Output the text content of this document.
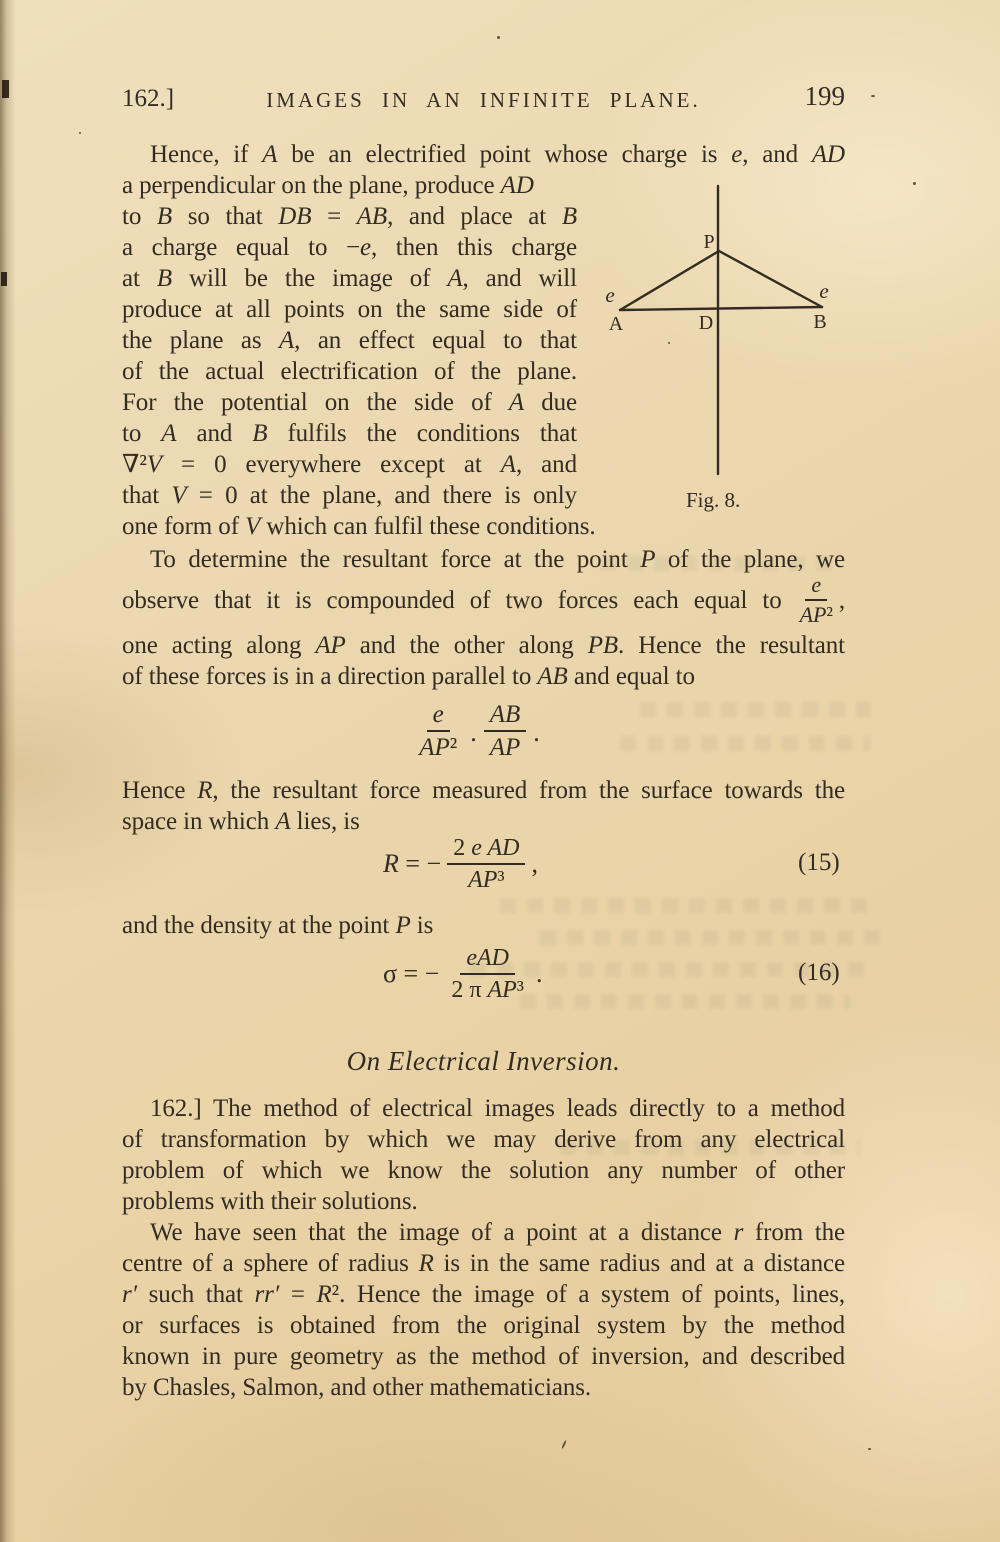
162.]	IMAGES IN AN INFINITE PLANE.	199
Hence, if A be an electrified point whose charge is e, and AD
a perpendicular on the plane, produce AD
to B so that DB = AB, and place at B
a charge equal to −e, then this charge
at B will be the image of A, and will
produce at all points on the same side of
the plane as A, an effect equal to that
of the actual electrification of the plane.
For the potential on the side of A due
to A and B fulfils the conditions that
∇²V = 0 everywhere except at A, and
that V = 0 at the plane, and there is only
one form of V which can fulfil these conditions.
P
A	D	B
e	e
Fig. 8.
To determine the resultant force at the point P of the plane, we
observe that it is compounded of two forces each equal to $\frac{e}{\text{AP²}}$ ,
one acting along AP and the other along PB. Hence the resultant
of these forces is in a direction parallel to AB and equal to
$\frac{e}{\text{AP²}}$ . $\frac{AB}{AP}$ .
Hence R, the resultant force measured from the surface towards the
space in which A lies, is
R = − $\frac{\text{2 e AD}}{\text{AP³}}$ ,	(15)
and the density at the point P is
σ = − $\frac{\text{eAD}}{\text{2 π AP³}}$ .	(16)
On Electrical Inversion.
162.] The method of electrical images leads directly to a method
of transformation by which we may derive from any electrical
problem of which we know the solution any number of other
problems with their solutions.
We have seen that the image of a point at a distance r from the
centre of a sphere of radius R is in the same radius and at a distance
r′ such that rr′ = R². Hence the image of a system of points, lines,
or surfaces is obtained from the original system by the method
known in pure geometry as the method of inversion, and described
by Chasles, Salmon, and other mathematicians.
